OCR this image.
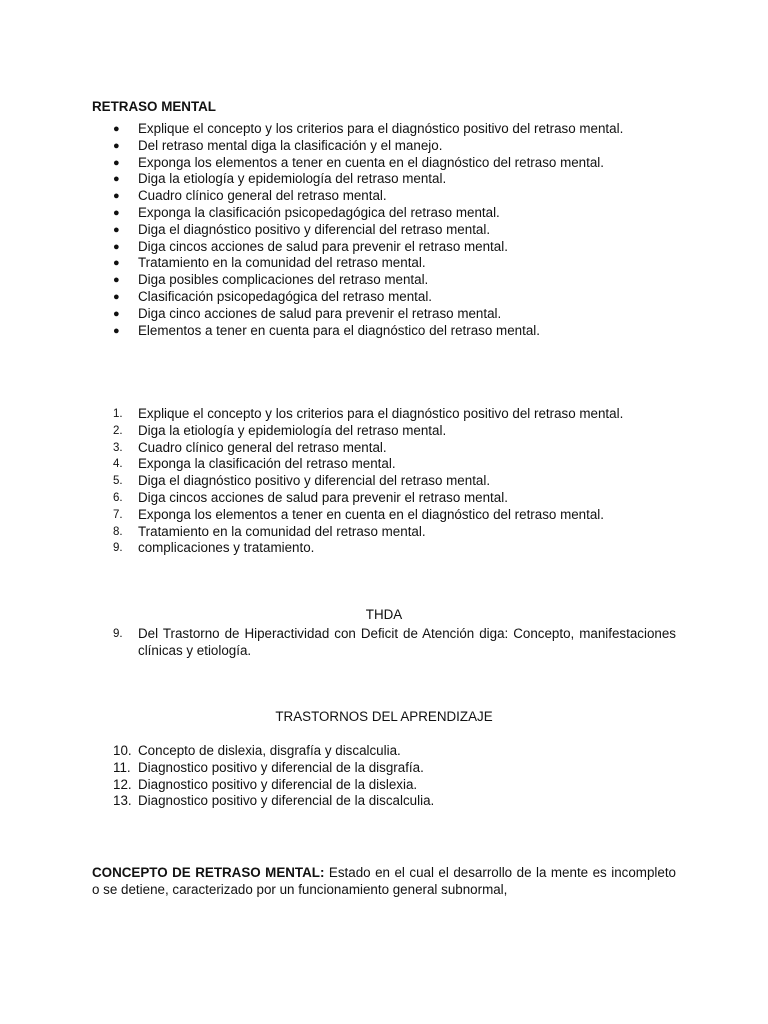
RETRASO MENTAL
● Explique el concepto y los criterios para el diagnóstico positivo del retraso mental.
● Del retraso mental diga la clasificación y el manejo.
● Exponga los elementos a tener en cuenta en el diagnóstico del retraso mental.
● Diga la etiología y epidemiología del retraso mental.
● Cuadro clínico general del retraso mental.
● Exponga la clasificación psicopedagógica del retraso mental.
● Diga el diagnóstico positivo y diferencial del retraso mental.
● Diga cincos acciones de salud para prevenir el retraso mental.
● Tratamiento en la comunidad del retraso mental.
● Diga posibles complicaciones del retraso mental.
● Clasificación psicopedagógica del retraso mental.
● Diga cinco acciones de salud para prevenir el retraso mental.
● Elementos a tener en cuenta para el diagnóstico del retraso mental.
1. Explique el concepto y los criterios para el diagnóstico positivo del retraso mental.
2. Diga la etiología y epidemiología del retraso mental.
3. Cuadro clínico general del retraso mental.
4. Exponga la clasificación del retraso mental.
5. Diga el diagnóstico positivo y diferencial del retraso mental.
6. Diga cincos acciones de salud para prevenir el retraso mental.
7. Exponga los elementos a tener en cuenta en el diagnóstico del retraso mental.
8. Tratamiento en la comunidad del retraso mental.
9. complicaciones y tratamiento.
THDA
9. Del Trastorno de Hiperactividad con Deficit de Atención diga: Concepto, manifestaciones clínicas y etiología.
TRASTORNOS DEL APRENDIZAJE
10. Concepto de dislexia, disgrafía y discalculia.
11. Diagnostico positivo y diferencial de la disgrafía.
12. Diagnostico positivo y diferencial de la dislexia.
13. Diagnostico positivo y diferencial de la discalculia.
CONCEPTO DE RETRASO MENTAL: Estado en el cual el desarrollo de la mente es incompleto o se detiene, caracterizado por un funcionamiento general subnormal,
